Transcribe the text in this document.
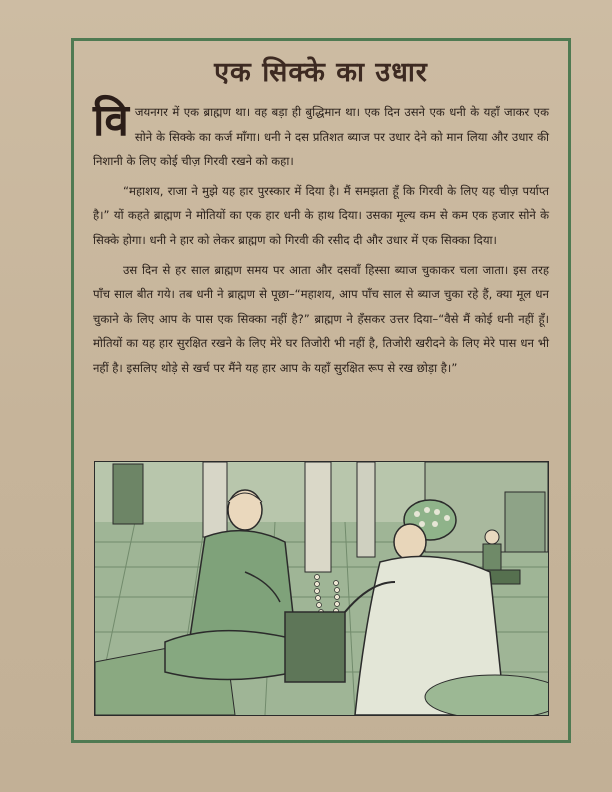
एक सिक्के का उधार

विजयनगर में एक ब्राह्मण था। वह बड़ा ही बुद्धिमान था। एक दिन उसने एक धनी के यहाँ जाकर एक सोने के सिक्के का कर्ज माँगा। धनी ने दस प्रतिशत ब्याज पर उधार देने को मान लिया और उधार की निशानी के लिए कोई चीज़ गिरवी रखने को कहा।

“महाशय, राजा ने मुझे यह हार पुरस्कार में दिया है। मैं समझता हूँ कि गिरवी के लिए यह चीज़ पर्याप्त है।” यों कहते ब्राह्मण ने मोतियों का एक हार धनी के हाथ दिया। उसका मूल्य कम से कम एक हजार सोने के सिक्के होगा। धनी ने हार को लेकर ब्राह्मण को गिरवी की रसीद दी और उधार में एक सिक्का दिया।

उस दिन से हर साल ब्राह्मण समय पर आता और दसवाँ हिस्सा ब्याज चुकाकर चला जाता। इस तरह पाँच साल बीत गये। तब धनी ने ब्राह्मण से पूछा–“महाशय, आप पाँच साल से ब्याज चुका रहे हैं, क्या मूल धन चुकाने के लिए आप के पास एक सिक्का नहीं है?” ब्राह्मण ने हँसकर उत्तर दिया–“वैसे मैं कोई धनी नहीं हूँ। मोतियों का यह हार सुरक्षित रखने के लिए मेरे घर तिजोरी भी नहीं है, तिजोरी खरीदने के लिए मेरे पास धन भी नहीं है। इसलिए थोड़े से खर्च पर मैंने यह हार आप के यहाँ सुरक्षित रूप से रख छोड़ा है।”
